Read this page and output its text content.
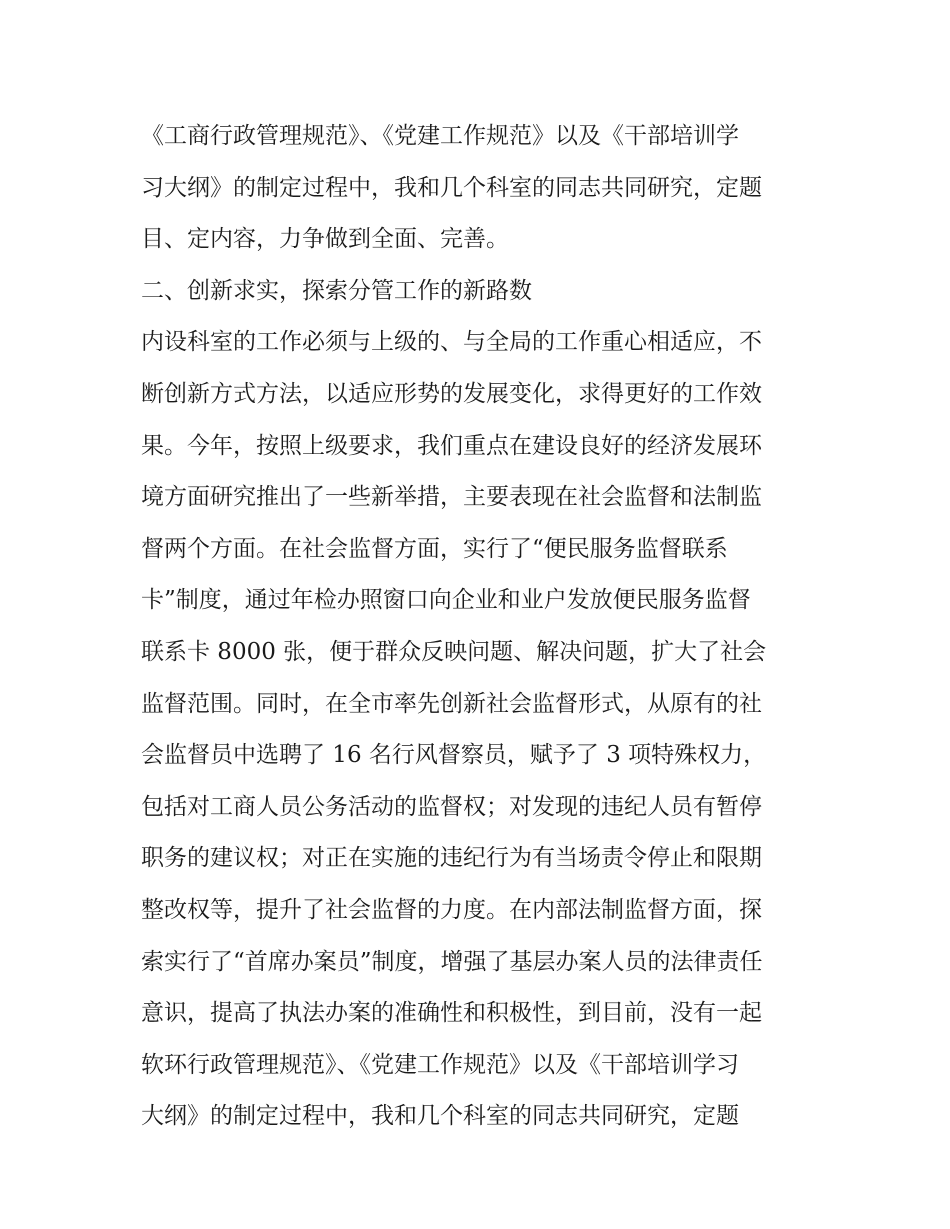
《工商行政管理规范》、《党建工作规范》以及《干部培训学
习大纲》的制定过程中，我和几个科室的同志共同研究，定题
目、定内容，力争做到全面、完善。
二、创新求实，探索分管工作的新路数
内设科室的工作必须与上级的、与全局的工作重心相适应，不
断创新方式方法，以适应形势的发展变化，求得更好的工作效
果。今年，按照上级要求，我们重点在建设良好的经济发展环
境方面研究推出了一些新举措，主要表现在社会监督和法制监
督两个方面。在社会监督方面，实行了“便民服务监督联系
卡”制度，通过年检办照窗口向企业和业户发放便民服务监督
联系卡 8000 张，便于群众反映问题、解决问题，扩大了社会
监督范围。同时，在全市率先创新社会监督形式，从原有的社
会监督员中选聘了 16 名行风督察员，赋予了 3 项特殊权力，
包括对工商人员公务活动的监督权；对发现的违纪人员有暂停
职务的建议权；对正在实施的违纪行为有当场责令停止和限期
整改权等，提升了社会监督的力度。在内部法制监督方面，探
索实行了“首席办案员”制度，增强了基层办案人员的法律责任
意识，提高了执法办案的准确性和积极性，到目前，没有一起
软环行政管理规范》、《党建工作规范》以及《干部培训学习
大纲》的制定过程中，我和几个科室的同志共同研究，定题
